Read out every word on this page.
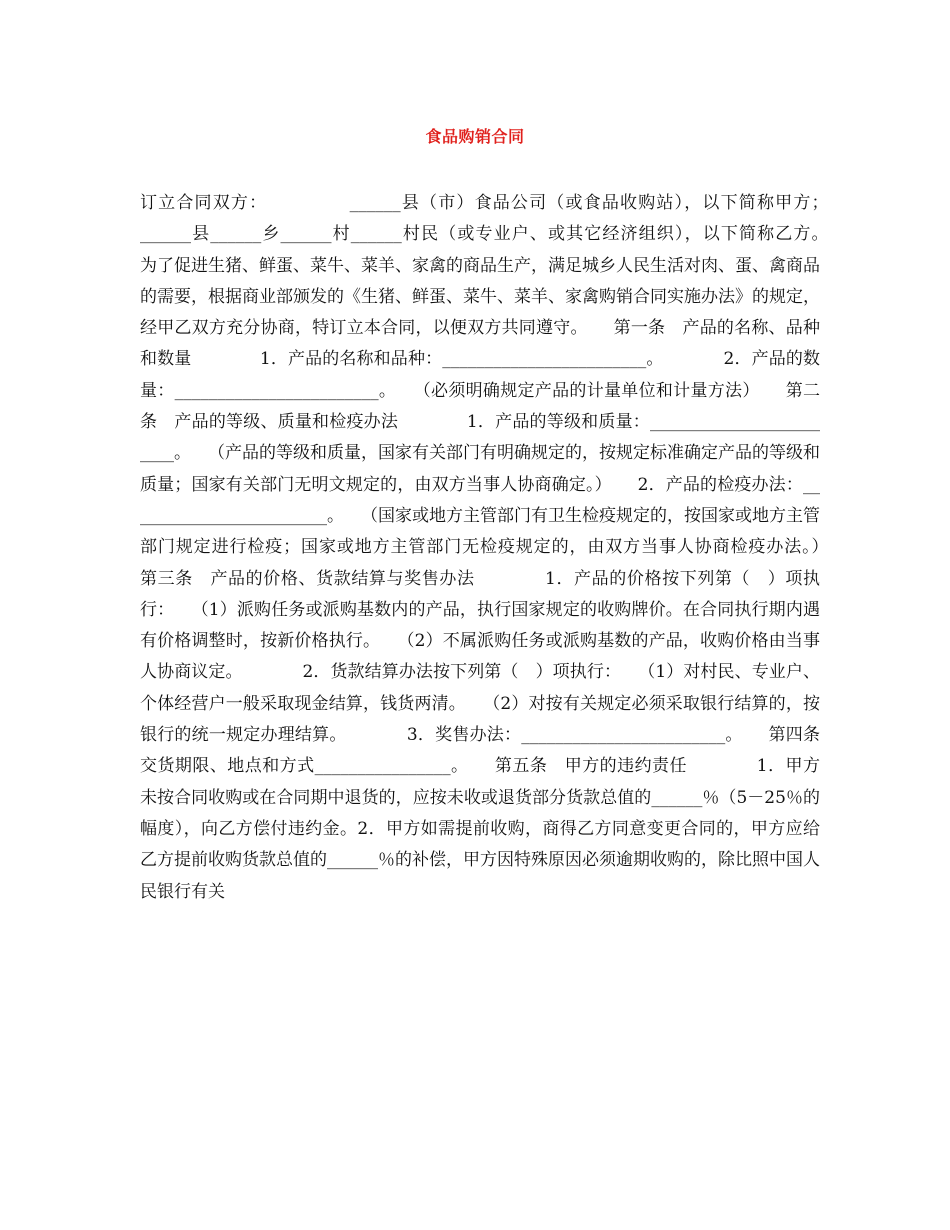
食品购销合同

订立合同双方：　　　　　______县（市）食品公司（或食品收购站），以下简称甲方；　　　　　______县______乡______村______村民（或专业户、或其它经济组织），以下简称乙方。　　　　为了促进生猪、鲜蛋、菜牛、菜羊、家禽的商品生产，满足城乡人民生活对肉、蛋、禽商品的需要，根据商业部颁发的《生猪、鲜蛋、菜牛、菜羊、家禽购销合同实施办法》的规定，经甲乙双方充分协商，特订立本合同，以便双方共同遵守。　　第一条　产品的名称、品种和数量　　　　1．产品的名称和品种：________________________。　　　　2．产品的数量：________________________。　　（必须明确规定产品的计量单位和计量方法）　　第二条　产品的等级、质量和检疫办法　　　　1．产品的等级和质量：________________________。　　（产品的等级和质量，国家有关部门有明确规定的，按规定标准确定产品的等级和质量；国家有关部门无明文规定的，由双方当事人协商确定。）　　2．产品的检疫办法：________________________。　　（国家或地方主管部门有卫生检疫规定的，按国家或地方主管部门规定进行检疫；国家或地方主管部门无检疫规定的，由双方当事人协商检疫办法。）　　第三条　产品的价格、货款结算与奖售办法　　　　1．产品的价格按下列第（　）项执行：　　（1）派购任务或派购基数内的产品，执行国家规定的收购牌价。在合同执行期内遇有价格调整时，按新价格执行。　　（2）不属派购任务或派购基数的产品，收购价格由当事人协商议定。　　　　2．货款结算办法按下列第（　）项执行：　　（1）对村民、专业户、个体经营户一般采取现金结算，钱货两清。　　（2）对按有关规定必须采取银行结算的，按银行的统一规定办理结算。　　　　3．奖售办法：________________________。　　第四条　交货期限、地点和方式________________。　　第五条　甲方的违约责任　　　　1．甲方未按合同收购或在合同期中退货的，应按未收或退货部分货款总值的______％（5－25％的幅度），向乙方偿付违约金。2．甲方如需提前收购，商得乙方同意变更合同的，甲方应给乙方提前收购货款总值的______％的补偿，甲方因特殊原因必须逾期收购的，除比照中国人民银行有关
